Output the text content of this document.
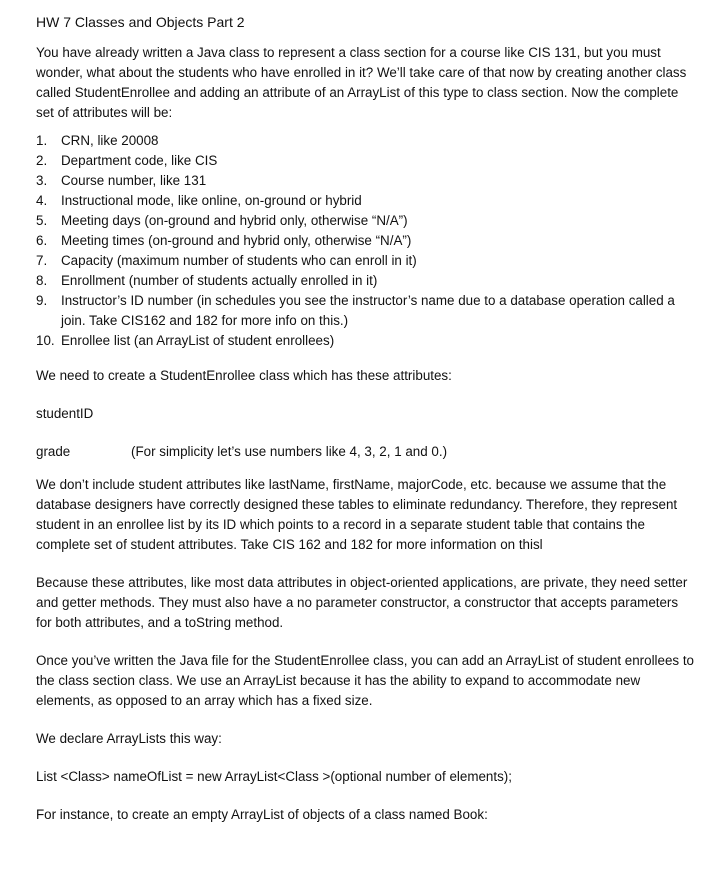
HW 7 Classes and Objects Part 2

You have already written a Java class to represent a class section for a course like CIS 131, but you must wonder, what about the students who have enrolled in it? We’ll take care of that now by creating another class called StudentEnrollee and adding an attribute of an ArrayList of this type to class section. Now the complete set of attributes will be:

1.	CRN, like 20008
2.	Department code, like CIS
3.	Course number, like 131
4.	Instructional mode, like online, on-ground or hybrid
5.	Meeting days (on-ground and hybrid only, otherwise “N/A”)
6.	Meeting times (on-ground and hybrid only, otherwise “N/A”)
7.	Capacity (maximum number of students who can enroll in it)
8.	Enrollment (number of students actually enrolled in it)
9.	Instructor’s ID number (in schedules you see the instructor’s name due to a database operation called a join. Take CIS162 and 182 for more info on this.)
10. Enrollee list (an ArrayList of student enrollees)

We need to create a StudentEnrollee class which has these attributes:

studentID

grade	(For simplicity let’s use numbers like 4, 3, 2, 1 and 0.)

We don’t include student attributes like lastName, firstName, majorCode, etc. because we assume that the database designers have correctly designed these tables to eliminate redundancy. Therefore, they represent student in an enrollee list by its ID which points to a record in a separate student table that contains the complete set of student attributes. Take CIS 162 and 182 for more information on thisl

Because these attributes, like most data attributes in object-oriented applications, are private, they need setter and getter methods. They must also have a no parameter constructor, a constructor that accepts parameters for both attributes, and a toString method.

Once you’ve written the Java file for the StudentEnrollee class, you can add an ArrayList of student enrollees to the class section class. We use an ArrayList because it has the ability to expand to accommodate new elements, as opposed to an array which has a fixed size.

We declare ArrayLists this way:

List <Class> nameOfList = new ArrayList<Class >(optional number of elements);

For instance, to create an empty ArrayList of objects of a class named Book:
